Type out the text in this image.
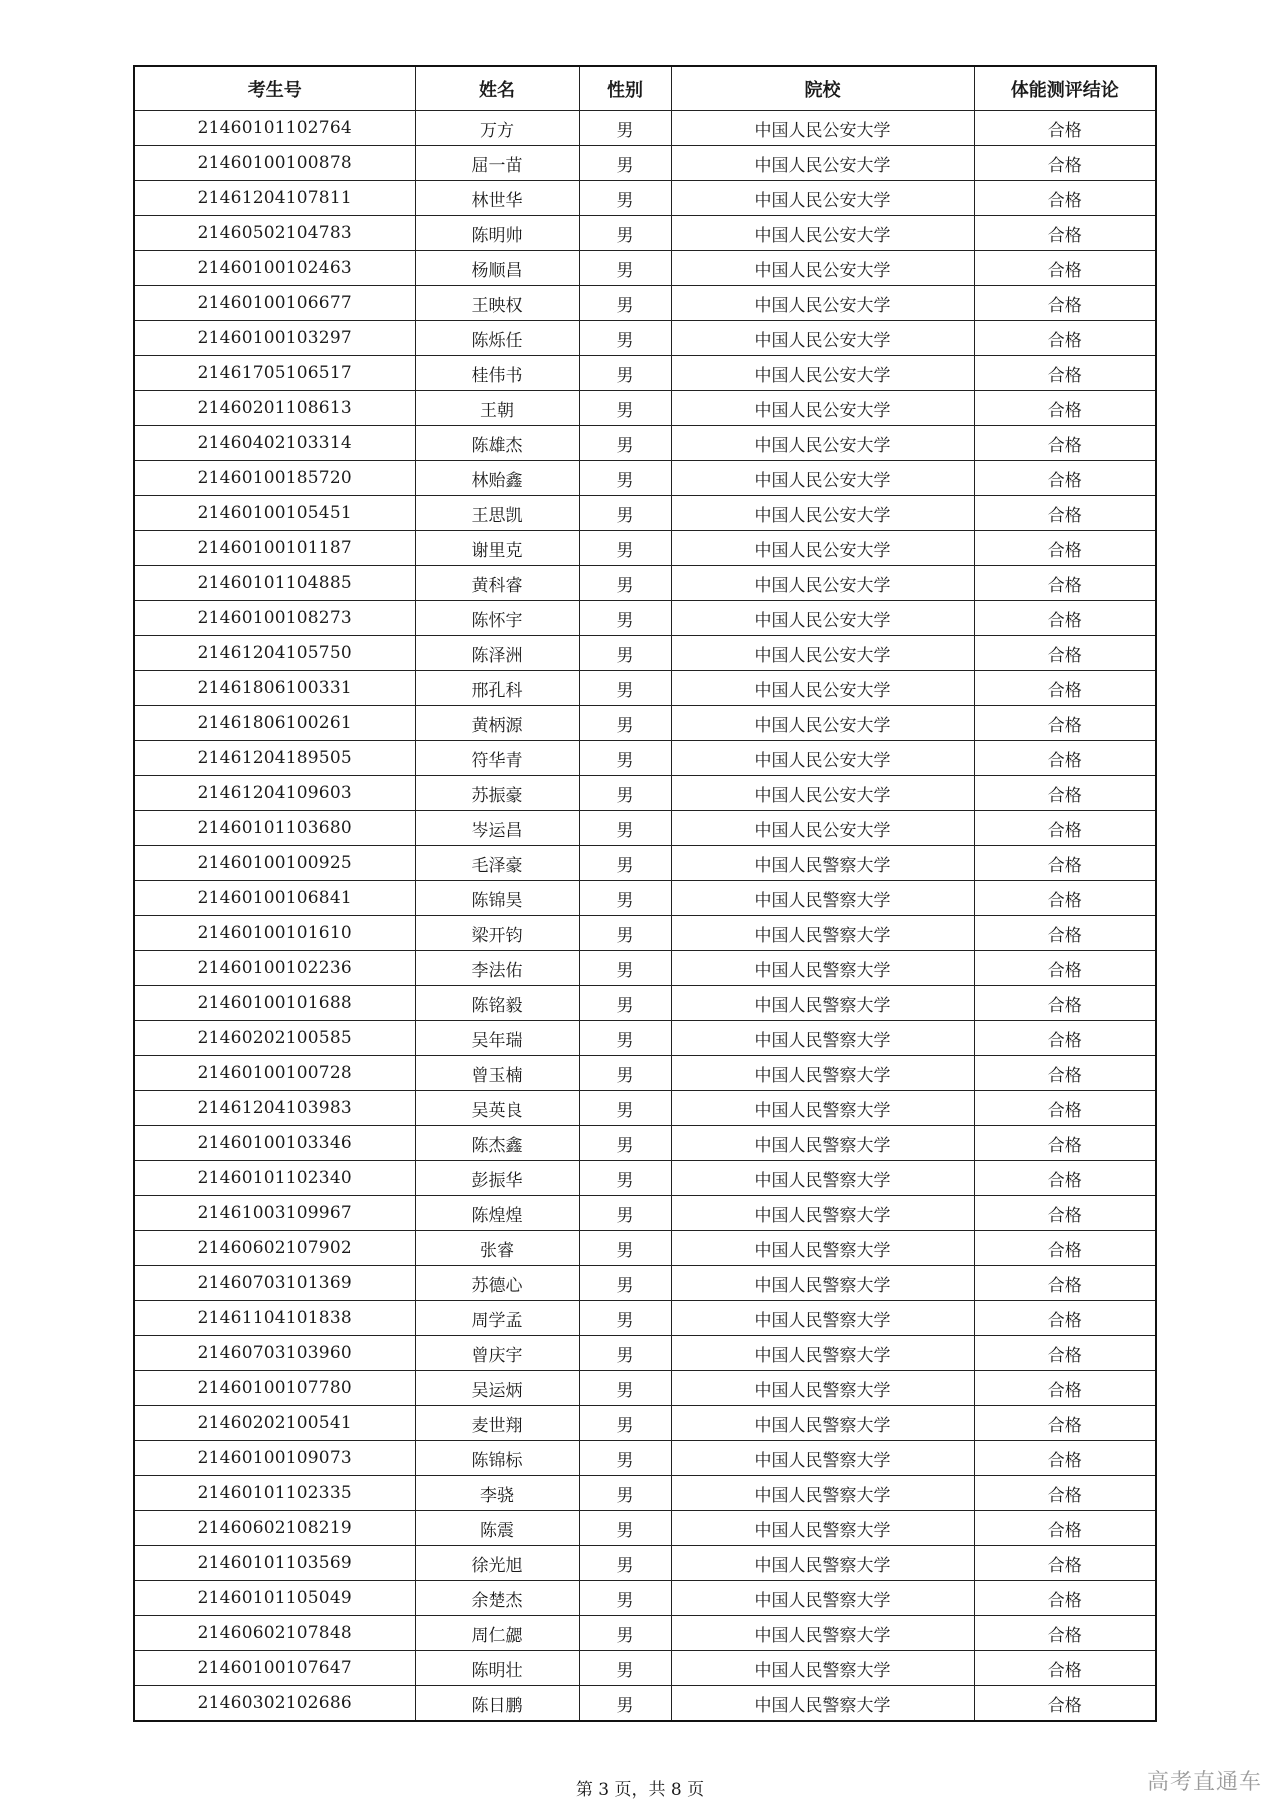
考生号	姓名	性别	院校	体能测评结论
21460101102764	万方	男	中国人民公安大学	合格
21460100100878	屈一苗	男	中国人民公安大学	合格
21461204107811	林世华	男	中国人民公安大学	合格
21460502104783	陈明帅	男	中国人民公安大学	合格
21460100102463	杨顺昌	男	中国人民公安大学	合格
21460100106677	王映权	男	中国人民公安大学	合格
21460100103297	陈烁任	男	中国人民公安大学	合格
21461705106517	桂伟书	男	中国人民公安大学	合格
21460201108613	王朝	男	中国人民公安大学	合格
21460402103314	陈雄杰	男	中国人民公安大学	合格
21460100185720	林贻鑫	男	中国人民公安大学	合格
21460100105451	王思凯	男	中国人民公安大学	合格
21460100101187	谢里克	男	中国人民公安大学	合格
21460101104885	黄科睿	男	中国人民公安大学	合格
21460100108273	陈怀宇	男	中国人民公安大学	合格
21461204105750	陈泽洲	男	中国人民公安大学	合格
21461806100331	邢孔科	男	中国人民公安大学	合格
21461806100261	黄柄源	男	中国人民公安大学	合格
21461204189505	符华青	男	中国人民公安大学	合格
21461204109603	苏振豪	男	中国人民公安大学	合格
21460101103680	岑运昌	男	中国人民公安大学	合格
21460100100925	毛泽豪	男	中国人民警察大学	合格
21460100106841	陈锦昊	男	中国人民警察大学	合格
21460100101610	梁开钧	男	中国人民警察大学	合格
21460100102236	李法佑	男	中国人民警察大学	合格
21460100101688	陈铭毅	男	中国人民警察大学	合格
21460202100585	吴年瑞	男	中国人民警察大学	合格
21460100100728	曾玉楠	男	中国人民警察大学	合格
21461204103983	吴英良	男	中国人民警察大学	合格
21460100103346	陈杰鑫	男	中国人民警察大学	合格
21460101102340	彭振华	男	中国人民警察大学	合格
21461003109967	陈煌煌	男	中国人民警察大学	合格
21460602107902	张睿	男	中国人民警察大学	合格
21460703101369	苏德心	男	中国人民警察大学	合格
21461104101838	周学孟	男	中国人民警察大学	合格
21460703103960	曾庆宇	男	中国人民警察大学	合格
21460100107780	吴运炳	男	中国人民警察大学	合格
21460202100541	麦世翔	男	中国人民警察大学	合格
21460100109073	陈锦标	男	中国人民警察大学	合格
21460101102335	李骁	男	中国人民警察大学	合格
21460602108219	陈震	男	中国人民警察大学	合格
21460101103569	徐光旭	男	中国人民警察大学	合格
21460101105049	余楚杰	男	中国人民警察大学	合格
21460602107848	周仁勰	男	中国人民警察大学	合格
21460100107647	陈明壮	男	中国人民警察大学	合格
21460302102686	陈日鹏	男	中国人民警察大学	合格
第 3 页，共 8 页	高考直通车
